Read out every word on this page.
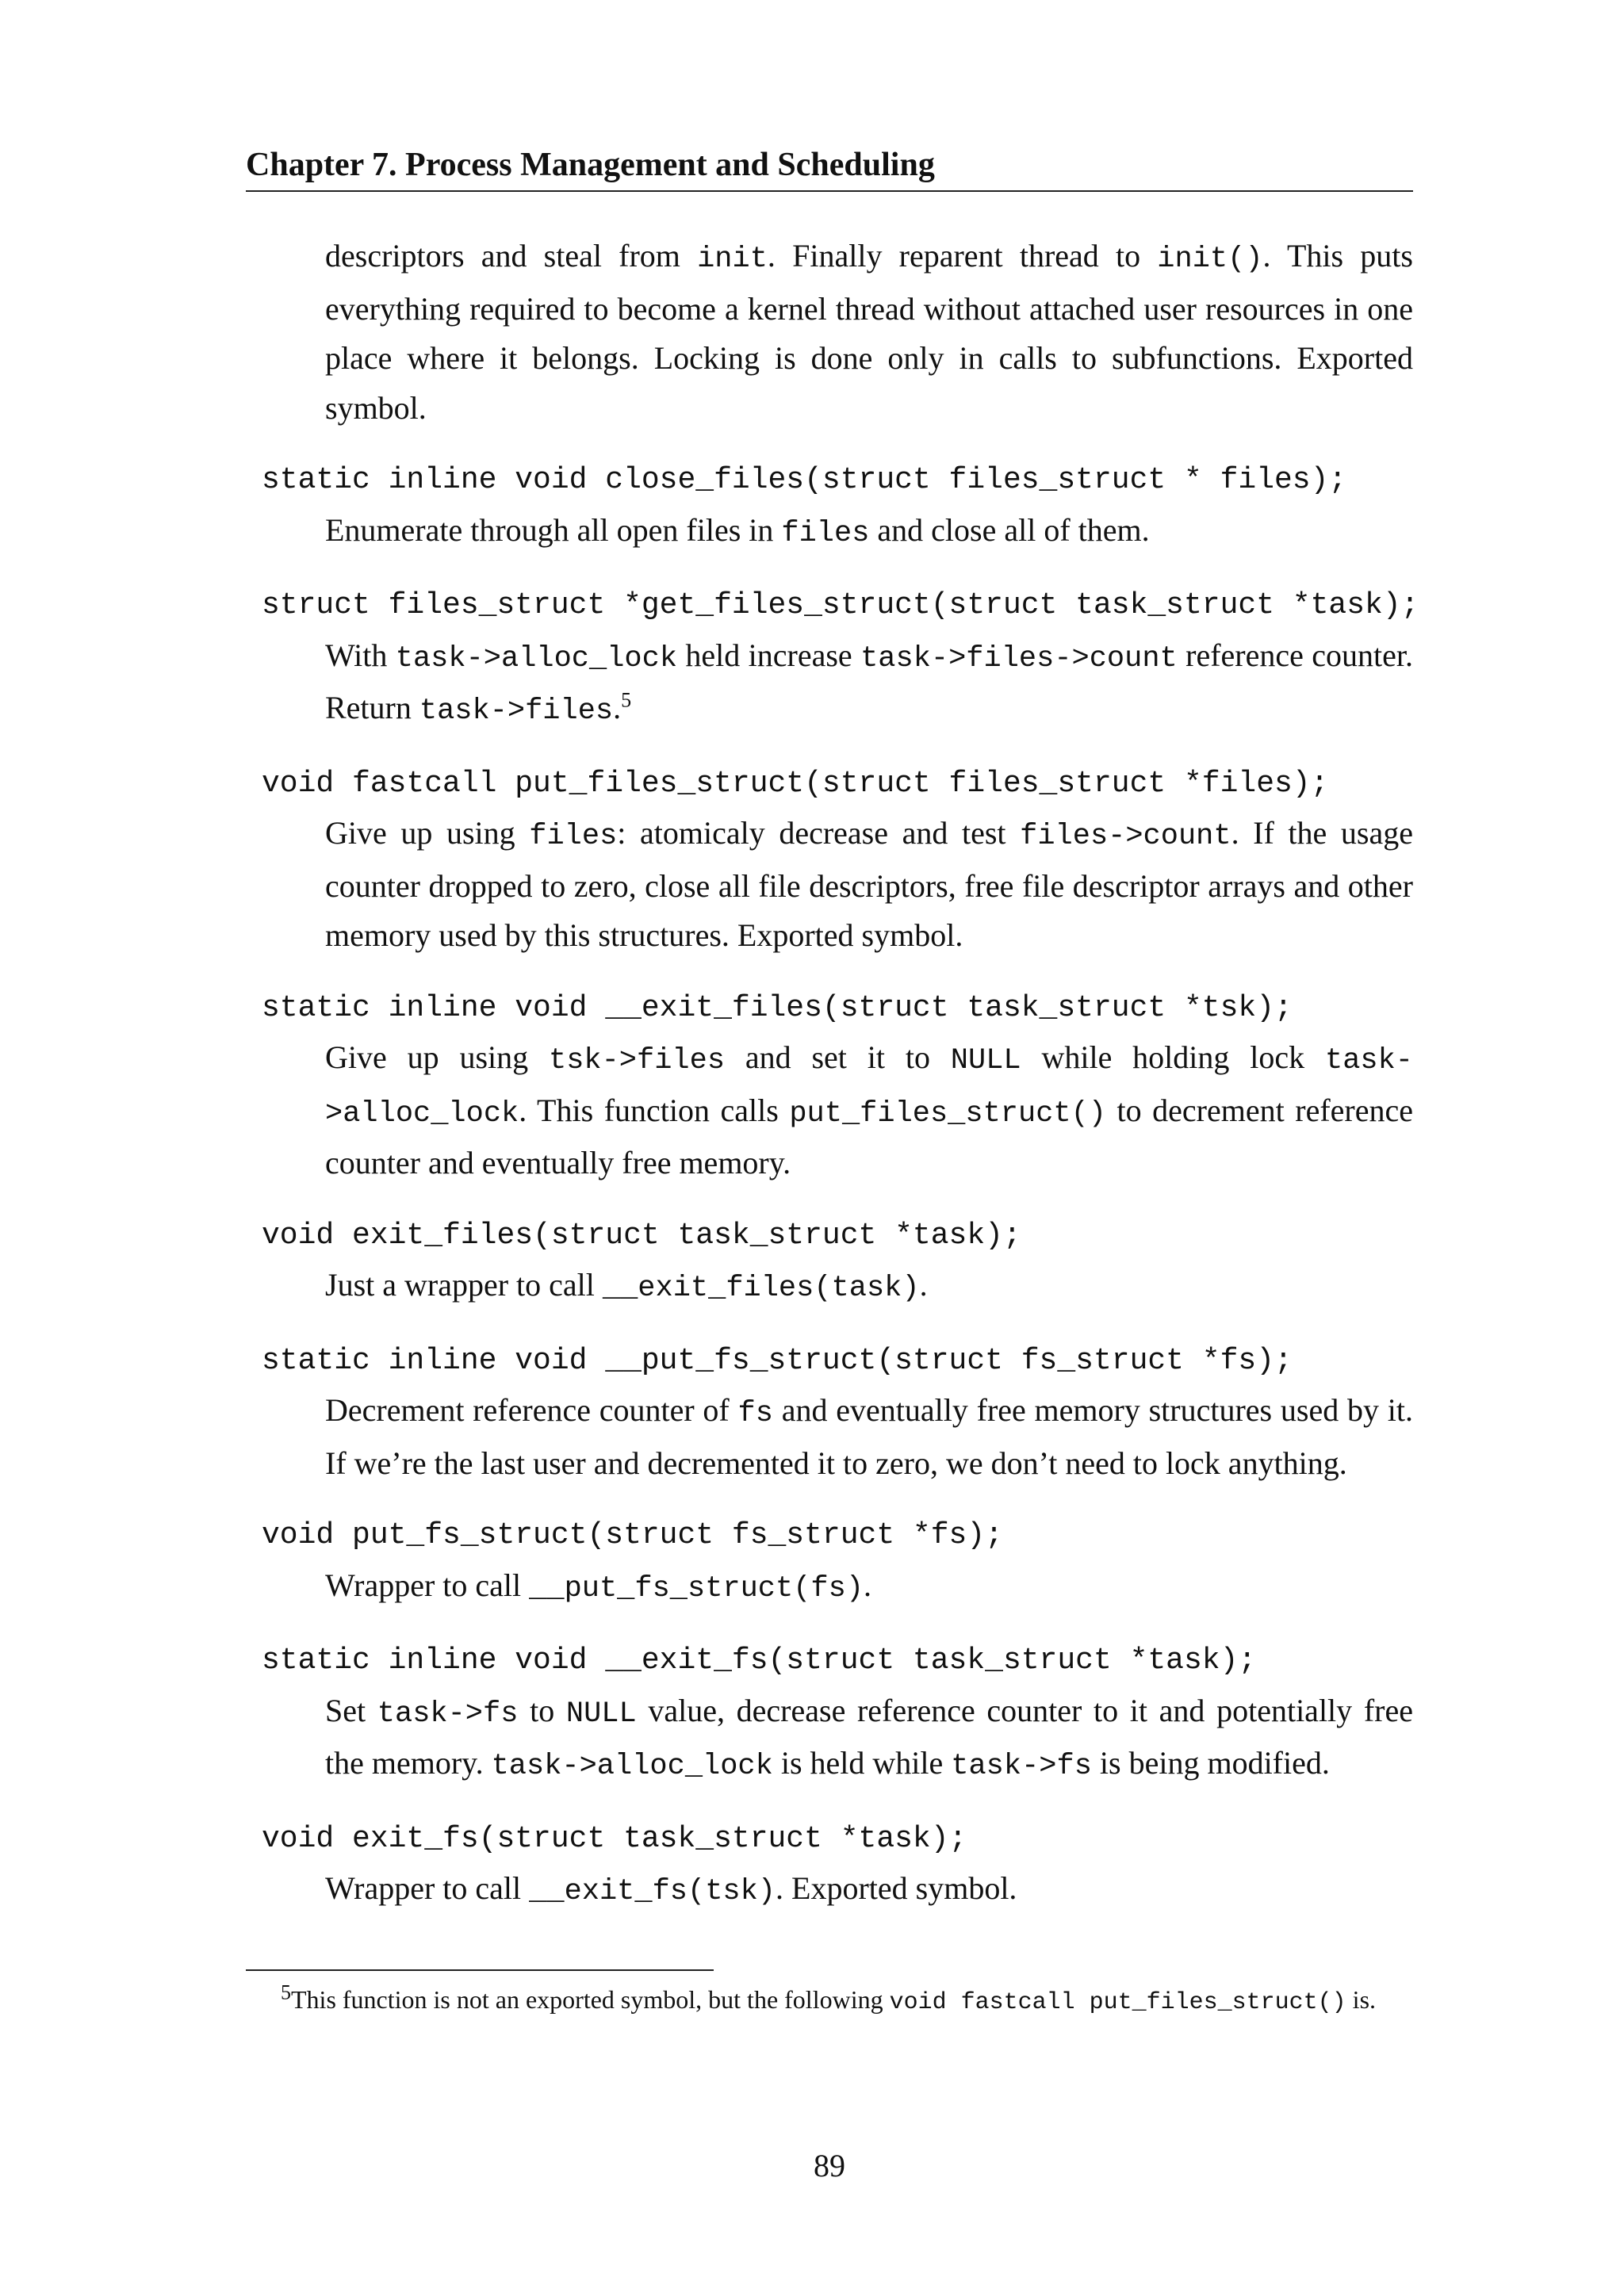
Chapter 7. Process Management and Scheduling

descriptors and steal from init. Finally reparent thread to init(). This puts everything required to become a kernel thread without attached user resources in one place where it belongs. Locking is done only in calls to subfunctions. Exported symbol.

static inline void close_files(struct files_struct * files);

Enumerate through all open files in files and close all of them.

struct files_struct *get_files_struct(struct task_struct *task);

With task->alloc_lock held increase task->files->count reference counter. Return task->files.$^5$

void fastcall put_files_struct(struct files_struct *files);

Give up using files: atomicaly decrease and test files->count. If the usage counter dropped to zero, close all file descriptors, free file descriptor arrays and other memory used by this structures. Exported symbol.

static inline void __exit_files(struct task_struct *tsk);

Give up using tsk->files and set it to NULL while holding lock task->alloc_lock. This function calls put_files_struct() to decrement reference counter and eventually free memory.

void exit_files(struct task_struct *task);

Just a wrapper to call __exit_files(task).

static inline void __put_fs_struct(struct fs_struct *fs);

Decrement reference counter of fs and eventually free memory structures used by it. If we’re the last user and decremented it to zero, we don’t need to lock anything.

void put_fs_struct(struct fs_struct *fs);

Wrapper to call __put_fs_struct(fs).

static inline void __exit_fs(struct task_struct *task);

Set task->fs to NULL value, decrease reference counter to it and potentially free the memory. task->alloc_lock is held while task->fs is being modified.

void exit_fs(struct task_struct *task);

Wrapper to call __exit_fs(tsk). Exported symbol.

$^5$This function is not an exported symbol, but the following void fastcall put_files_struct() is.
89
